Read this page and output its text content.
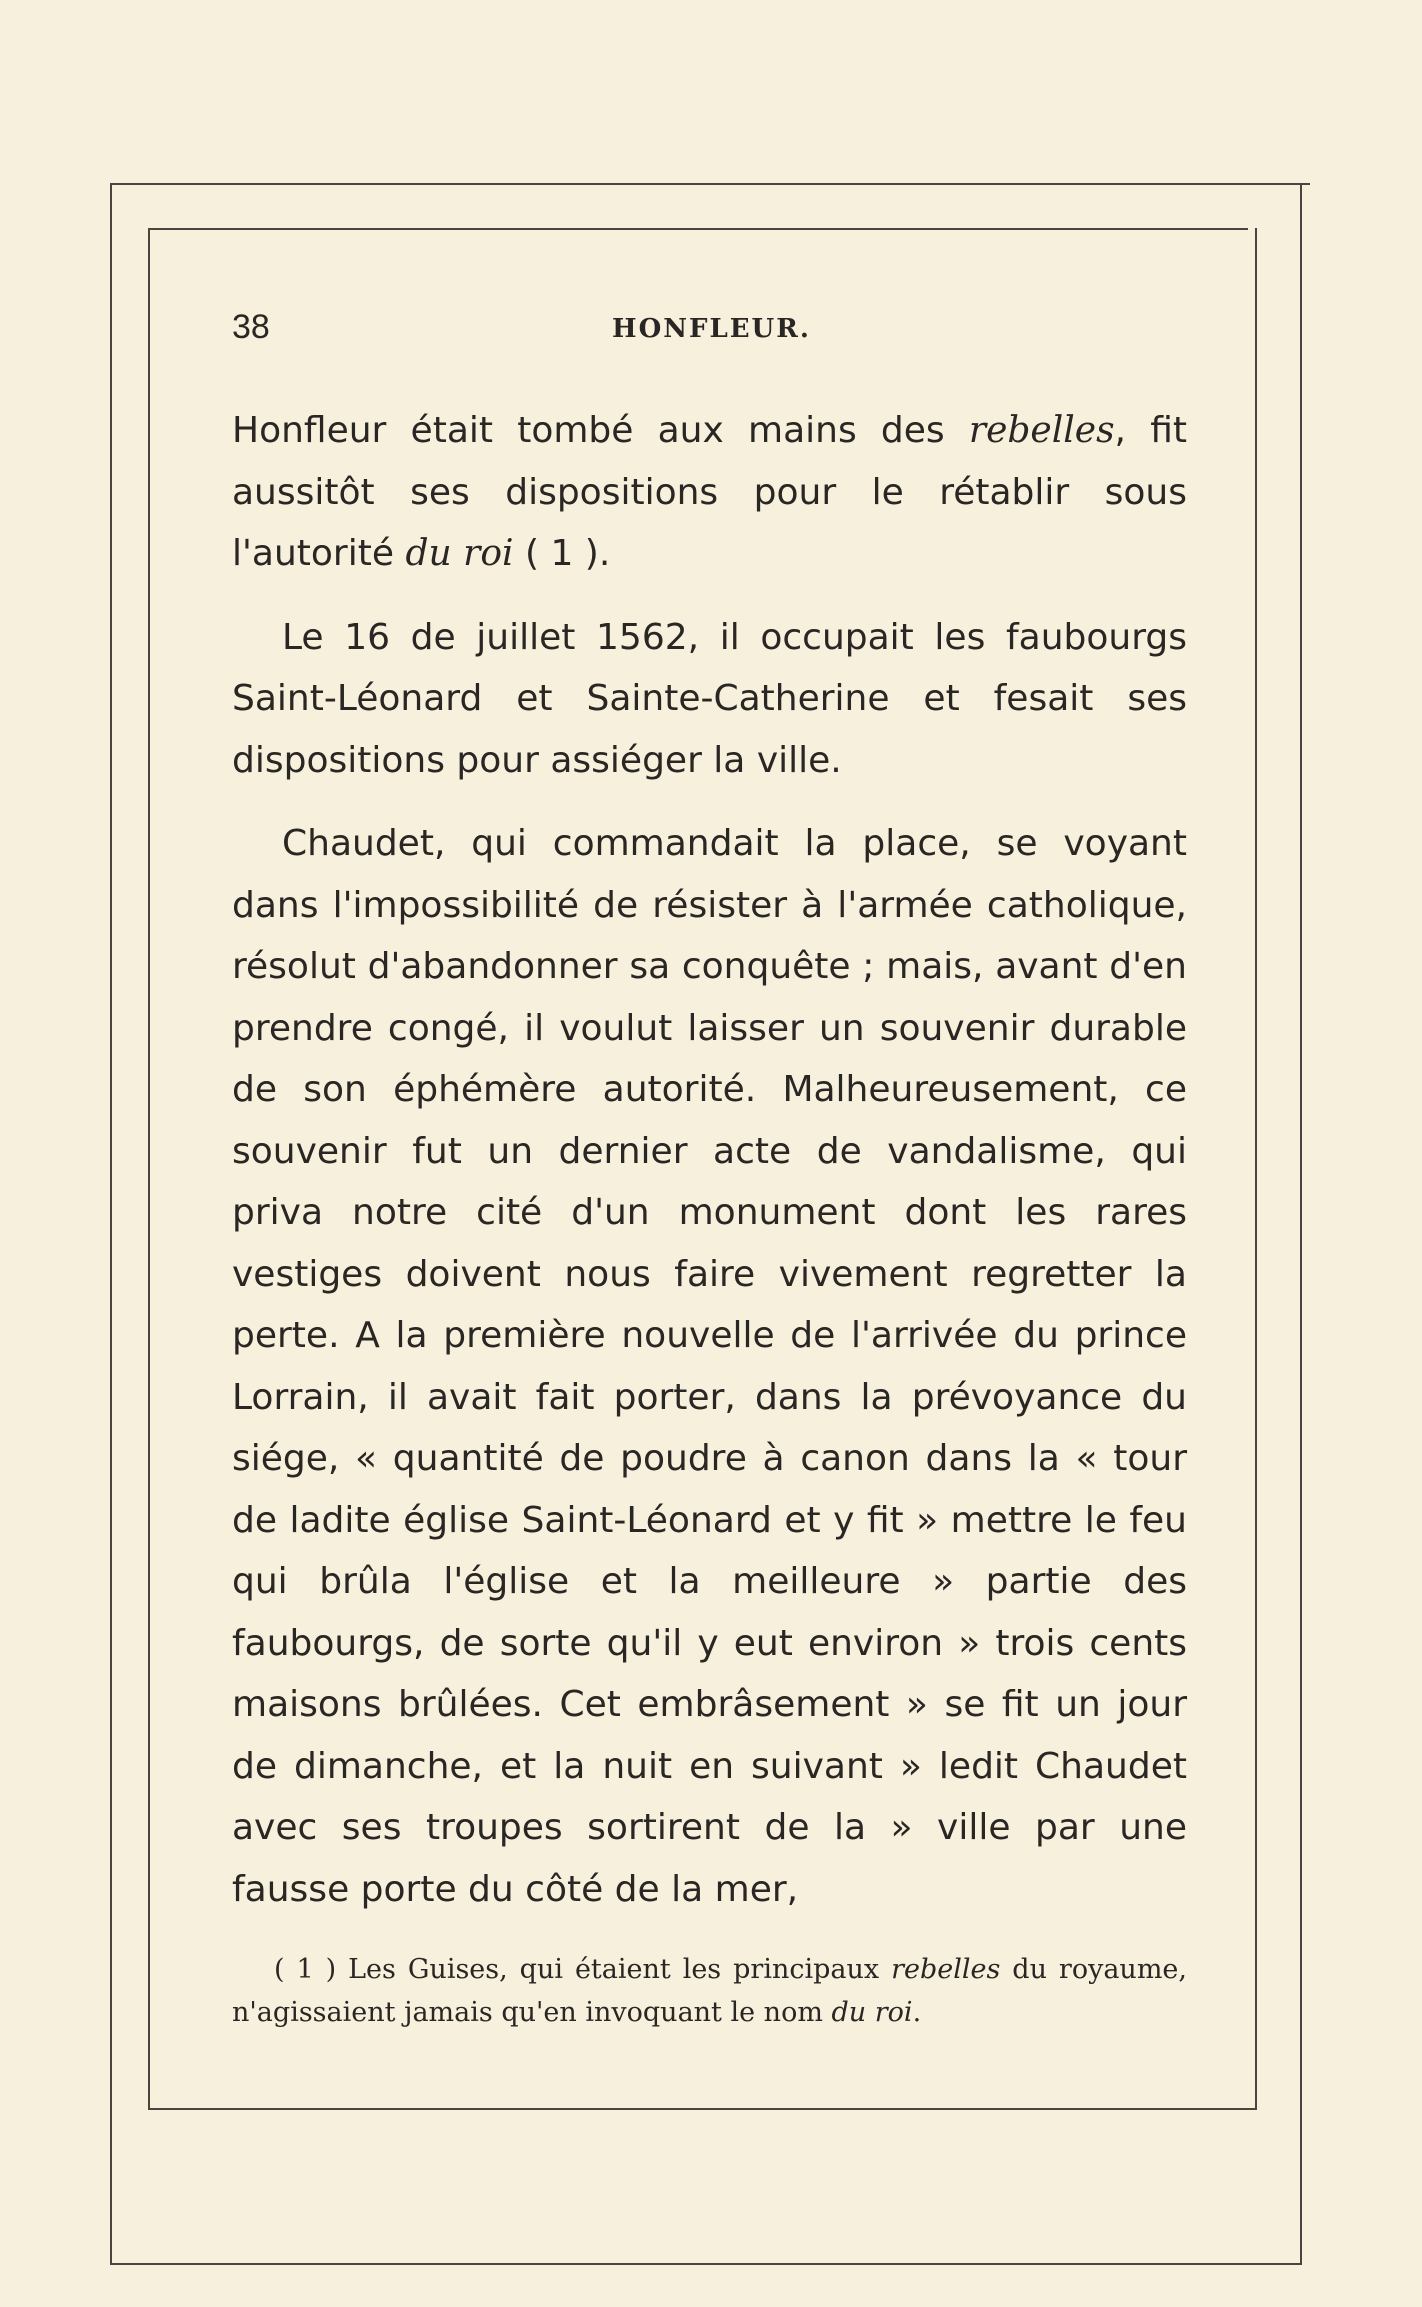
38	HONFLEUR.

Honfleur était tombé aux mains des rebelles, fit aussitôt ses dispositions pour le rétablir sous l'autorité du roi ( 1 ).

Le 16 de juillet 1562, il occupait les faubourgs Saint-Léonard et Sainte-Catherine et fesait ses dispositions pour assiéger la ville.

Chaudet, qui commandait la place, se voyant dans l'impossibilité de résister à l'armée catholique, résolut d'abandonner sa conquête ; mais, avant d'en prendre congé, il voulut laisser un souvenir durable de son éphémère autorité. Malheureusement, ce souvenir fut un dernier acte de vandalisme, qui priva notre cité d'un monument dont les rares vestiges doivent nous faire vivement regretter la perte. A la première nouvelle de l'arrivée du prince Lorrain, il avait fait porter, dans la prévoyance du siége, « quantité de poudre à canon dans la « tour de ladite église Saint-Léonard et y fit » mettre le feu qui brûla l'église et la meilleure » partie des faubourgs, de sorte qu'il y eut environ » trois cents maisons brûlées. Cet embrâsement » se fit un jour de dimanche, et la nuit en suivant » ledit Chaudet avec ses troupes sortirent de la » ville par une fausse porte du côté de la mer,

( 1 ) Les Guises, qui étaient les principaux rebelles du royaume, n'agissaient jamais qu'en invoquant le nom du roi.
